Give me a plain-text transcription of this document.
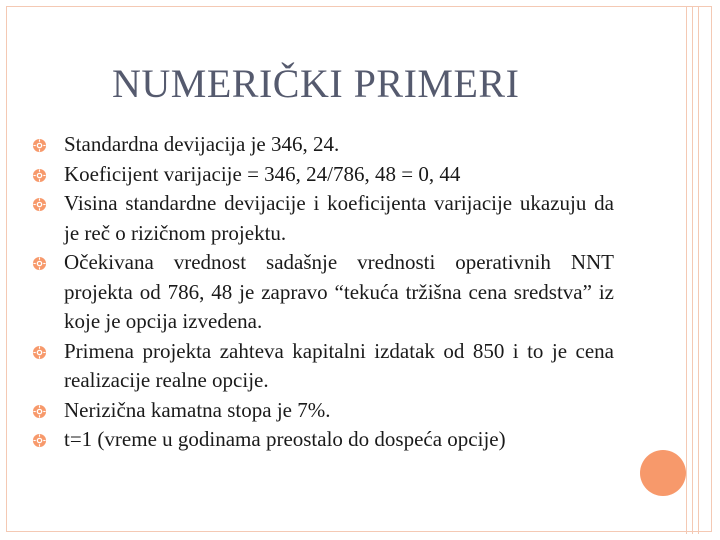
NUMERIČKI PRIMERI
Standardna devijacija je 346, 24.
Koeficijent varijacije = 346, 24/786, 48 = 0, 44
Visina standardne devijacije i koeficijenta varijacije ukazuju da je reč o rizičnom projektu.
Očekivana vrednost sadašnje vrednosti operativnih NNT projekta od 786, 48 je zapravo “tekuća tržišna cena sredstva” iz koje je opcija izvedena.
Primena projekta zahteva kapitalni izdatak od 850 i to je cena realizacije realne opcije.
Nerizična kamatna stopa je 7%.
t=1 (vreme u godinama preostalo do dospeća opcije)
